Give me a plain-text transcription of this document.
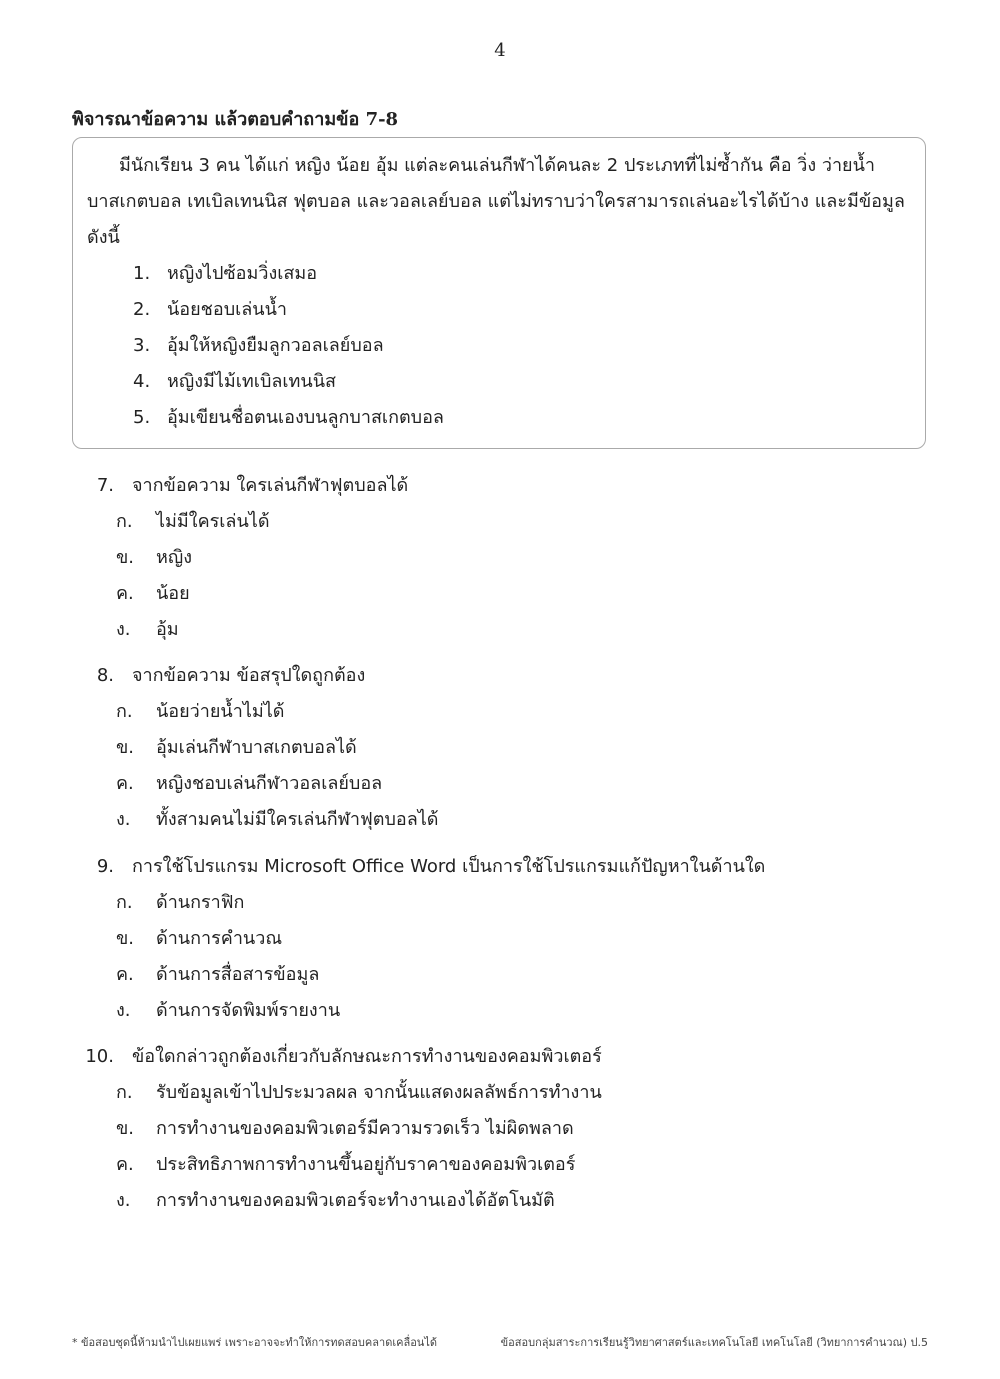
4
พิจารณาข้อความ แล้วตอบคำถามข้อ 7-8

มีนักเรียน 3 คน ได้แก่ หญิง น้อย อุ้ม แต่ละคนเล่นกีฬาได้คนละ 2 ประเภทที่ไม่ซ้ำกัน คือ วิ่ง ว่ายน้ำ บาสเกตบอล เทเบิลเทนนิส ฟุตบอล และวอลเลย์บอล แต่ไม่ทราบว่าใครสามารถเล่นอะไรได้บ้าง และมีข้อมูลดังนี้

1. หญิงไปซ้อมวิ่งเสมอ
2. น้อยชอบเล่นน้ำ
3. อุ้มให้หญิงยืมลูกวอลเลย์บอล
4. หญิงมีไม้เทเบิลเทนนิส
5. อุ้มเขียนชื่อตนเองบนลูกบาสเกตบอล
7. จากข้อความ ใครเล่นกีฬาฟุตบอลได้
ก. ไม่มีใครเล่นได้
ข. หญิง
ค. น้อย
ง. อุ้ม
8. จากข้อความ ข้อสรุปใดถูกต้อง
ก. น้อยว่ายน้ำไม่ได้
ข. อุ้มเล่นกีฬาบาสเกตบอลได้
ค. หญิงชอบเล่นกีฬาวอลเลย์บอล
ง. ทั้งสามคนไม่มีใครเล่นกีฬาฟุตบอลได้
9. การใช้โปรแกรม Microsoft Office Word เป็นการใช้โปรแกรมแก้ปัญหาในด้านใด
ก. ด้านกราฟิก
ข. ด้านการคำนวณ
ค. ด้านการสื่อสารข้อมูล
ง. ด้านการจัดพิมพ์รายงาน
10. ข้อใดกล่าวถูกต้องเกี่ยวกับลักษณะการทำงานของคอมพิวเตอร์
ก. รับข้อมูลเข้าไปประมวลผล จากนั้นแสดงผลลัพธ์การทำงาน
ข. การทำงานของคอมพิวเตอร์มีความรวดเร็ว ไม่ผิดพลาด
ค. ประสิทธิภาพการทำงานขึ้นอยู่กับราคาของคอมพิวเตอร์
ง. การทำงานของคอมพิวเตอร์จะทำงานเองได้อัตโนมัติ
* ข้อสอบชุดนี้ห้ามนำไปเผยแพร่ เพราะอาจจะทำให้การทดสอบคลาดเคลื่อนได้	ข้อสอบกลุ่มสาระการเรียนรู้วิทยาศาสตร์และเทคโนโลยี เทคโนโลยี (วิทยาการคำนวณ) ป.5
